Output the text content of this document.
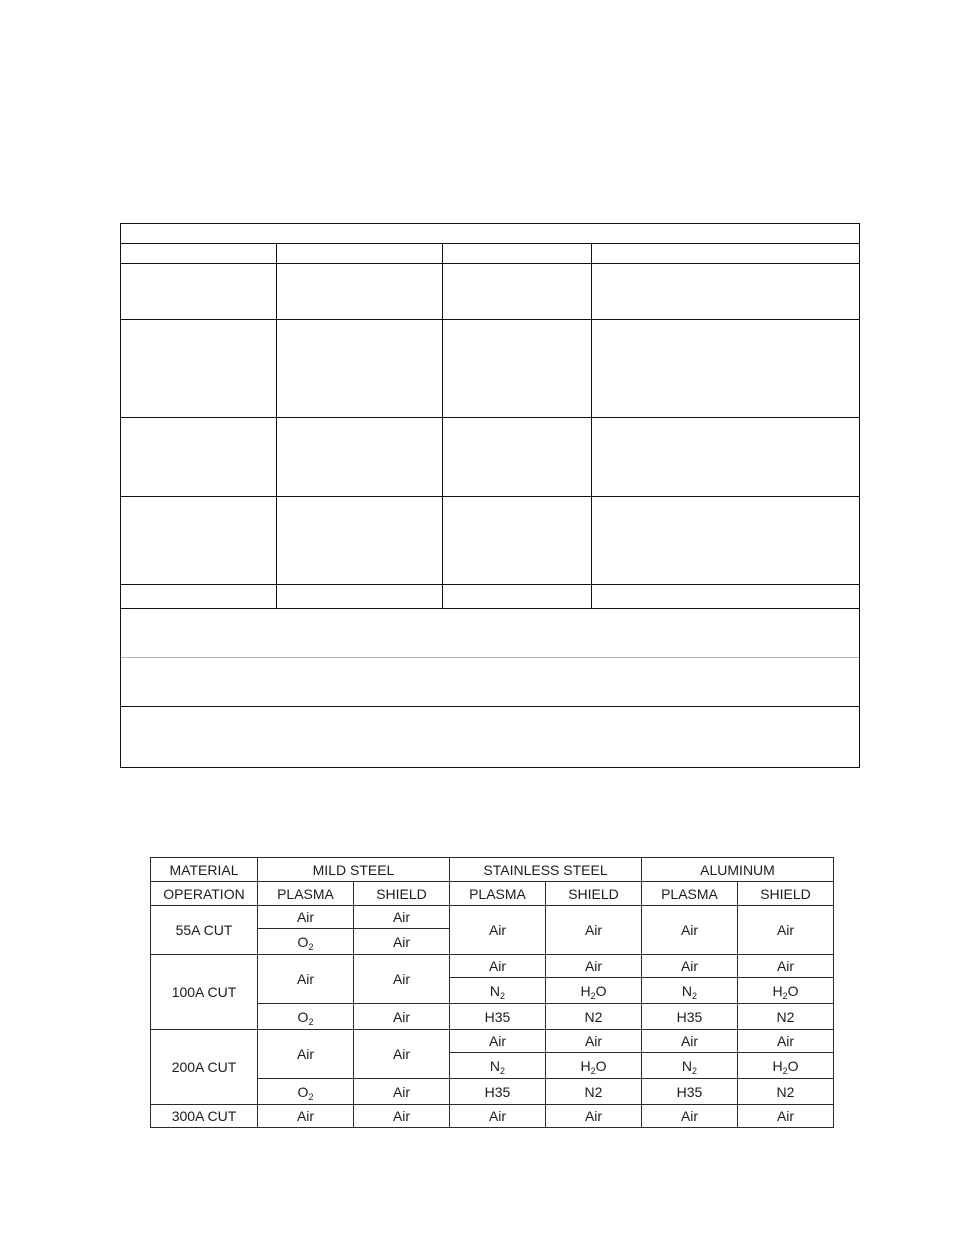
MATERIAL	MILD STEEL		STAINLESS STEEL		ALUMINUM	
OPERATION	PLASMA	SHIELD	PLASMA	SHIELD	PLASMA	SHIELD
55A CUT	Air	Air	Air	Air	Air	Air
	$O_2$	Air				
100A CUT	Air	Air	Air	Air	Air	Air
			$N_2$	$H_2O$	$N_2$	$H_2O$
	$O_2$	Air	H35	N2	H35	N2
200A CUT	Air	Air	Air	Air	Air	Air
			$N_2$	$H_2O$	$N_2$	$H_2O$
	$O_2$	Air	H35	N2	H35	N2
300A CUT	Air	Air	Air	Air	Air	Air
